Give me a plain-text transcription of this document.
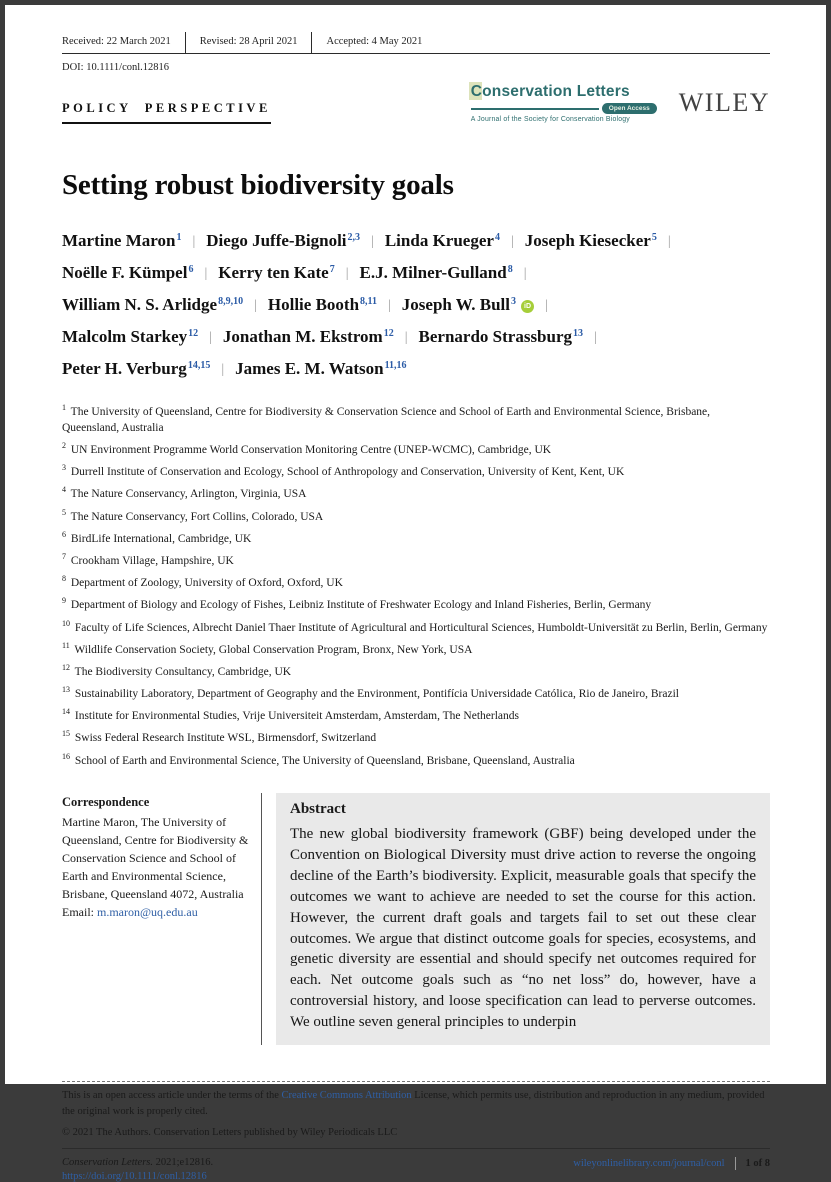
Received: 22 March 2021	Revised: 28 April 2021	Accepted: 4 May 2021
DOI: 10.1111/conl.12816
POLICY PERSPECTIVE
Conservation Letters
Open Access
A Journal of the Society for Conservation Biology
WILEY
Setting robust biodiversity goals
Martine Maron$^1$ | Diego Juffe-Bignoli$^{2,3}$ | Linda Krueger$^4$ | Joseph Kiesecker$^5$ |
Noëlle F. Kümpel$^6$ | Kerry ten Kate$^7$ | E.J. Milner-Gulland$^8$ |
William N. S. Arlidge$^{8,9,10}$ | Hollie Booth$^{8,11}$ | Joseph W. Bull$^3$ iD |
Malcolm Starkey$^{12}$ | Jonathan M. Ekstrom$^{12}$ | Bernardo Strassburg$^{13}$ |
Peter H. Verburg$^{14,15}$ | James E. M. Watson$^{11,16}$
$^1$ The University of Queensland, Centre for Biodiversity & Conservation Science and School of Earth and Environmental Science, Brisbane, Queensland, Australia
$^2$ UN Environment Programme World Conservation Monitoring Centre (UNEP-WCMC), Cambridge, UK
$^3$ Durrell Institute of Conservation and Ecology, School of Anthropology and Conservation, University of Kent, Kent, UK
$^4$ The Nature Conservancy, Arlington, Virginia, USA
$^5$ The Nature Conservancy, Fort Collins, Colorado, USA
$^6$ BirdLife International, Cambridge, UK
$^7$ Crookham Village, Hampshire, UK
$^8$ Department of Zoology, University of Oxford, Oxford, UK
$^9$ Department of Biology and Ecology of Fishes, Leibniz Institute of Freshwater Ecology and Inland Fisheries, Berlin, Germany
$^{10}$ Faculty of Life Sciences, Albrecht Daniel Thaer Institute of Agricultural and Horticultural Sciences, Humboldt-Universität zu Berlin, Berlin, Germany
$^{11}$ Wildlife Conservation Society, Global Conservation Program, Bronx, New York, USA
$^{12}$ The Biodiversity Consultancy, Cambridge, UK
$^{13}$ Sustainability Laboratory, Department of Geography and the Environment, Pontifícia Universidade Católica, Rio de Janeiro, Brazil
$^{14}$ Institute for Environmental Studies, Vrije Universiteit Amsterdam, Amsterdam, The Netherlands
$^{15}$ Swiss Federal Research Institute WSL, Birmensdorf, Switzerland
$^{16}$ School of Earth and Environmental Science, The University of Queensland, Brisbane, Queensland, Australia
Correspondence
Martine Maron, The University of Queensland, Centre for Biodiversity & Conservation Science and School of Earth and Environmental Science, Brisbane, Queensland 4072, Australia
Email: m.maron@uq.edu.au
Abstract
The new global biodiversity framework (GBF) being developed under the Convention on Biological Diversity must drive action to reverse the ongoing decline of the Earth’s biodiversity. Explicit, measurable goals that specify the outcomes we want to achieve are needed to set the course for this action. However, the current draft goals and targets fail to set out these clear outcomes. We argue that distinct outcome goals for species, ecosystems, and genetic diversity are essential and should specify net outcomes required for each. Net outcome goals such as “no net loss” do, however, have a controversial history, and loose specification can lead to perverse outcomes. We outline seven general principles to underpin
This is an open access article under the terms of the Creative Commons Attribution License, which permits use, distribution and reproduction in any medium, provided the original work is properly cited.
© 2021 The Authors. Conservation Letters published by Wiley Periodicals LLC
Conservation Letters. 2021;e12816.
https://doi.org/10.1111/conl.12816
wileyonlinelibrary.com/journal/conl 1 of 8
